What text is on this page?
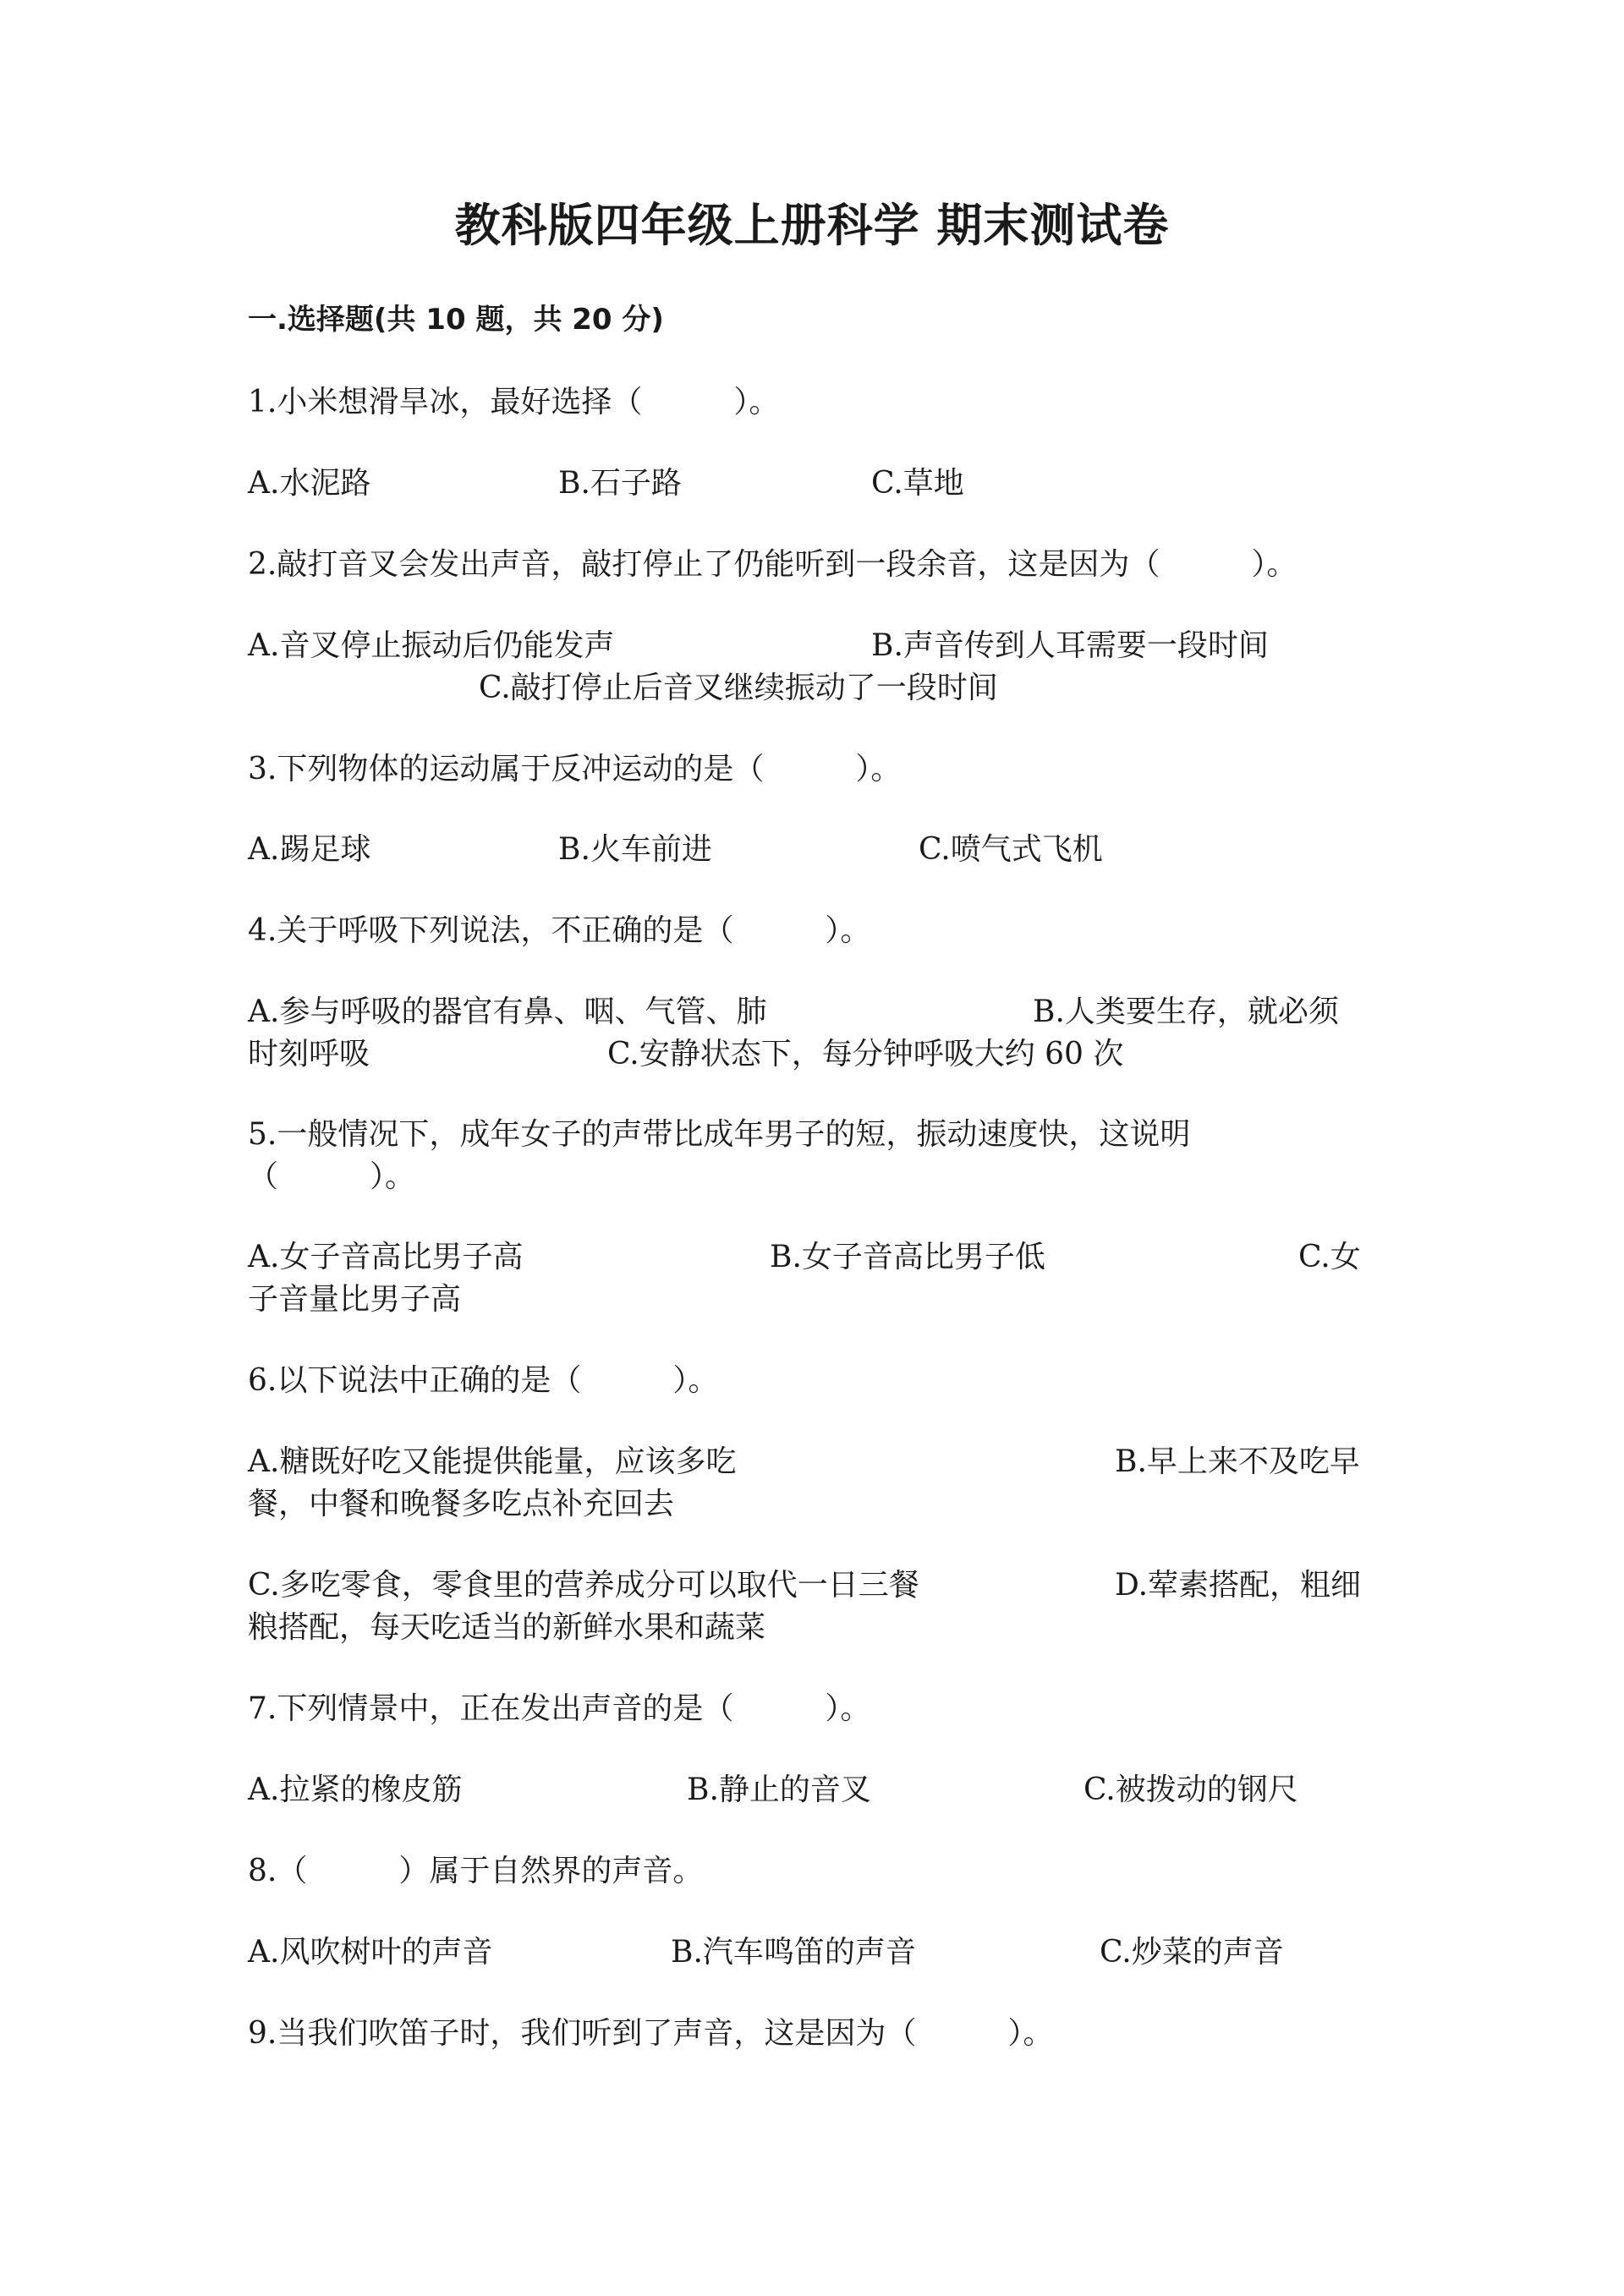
教科版四年级上册科学 期末测试卷
一.选择题(共 10 题，共 20 分)
1.小米想滑旱冰，最好选择（　　　）。
A.水泥路	B.石子路	C.草地
2.敲打音叉会发出声音，敲打停止了仍能听到一段余音，这是因为（　　　）。
A.音叉停止振动后仍能发声	B.声音传到人耳需要一段时间
C.敲打停止后音叉继续振动了一段时间
3.下列物体的运动属于反冲运动的是（　　　）。
A.踢足球	B.火车前进	C.喷气式飞机
4.关于呼吸下列说法，不正确的是（　　　）。
A.参与呼吸的器官有鼻、咽、气管、肺	B.人类要生存，就必须
时刻呼吸	C.安静状态下，每分钟呼吸大约 60 次
5.一般情况下，成年女子的声带比成年男子的短，振动速度快，这说明
（　　　）。
A.女子音高比男子高	B.女子音高比男子低	C.女
子音量比男子高
6.以下说法中正确的是（　　　）。
A.糖既好吃又能提供能量，应该多吃	B.早上来不及吃早
餐，中餐和晚餐多吃点补充回去
C.多吃零食，零食里的营养成分可以取代一日三餐	D.荤素搭配，粗细
粮搭配，每天吃适当的新鲜水果和蔬菜
7.下列情景中，正在发出声音的是（　　　）。
A.拉紧的橡皮筋	B.静止的音叉	C.被拨动的钢尺
8.（　　　）属于自然界的声音。
A.风吹树叶的声音	B.汽车鸣笛的声音	C.炒菜的声音
9.当我们吹笛子时，我们听到了声音，这是因为（　　　）。
